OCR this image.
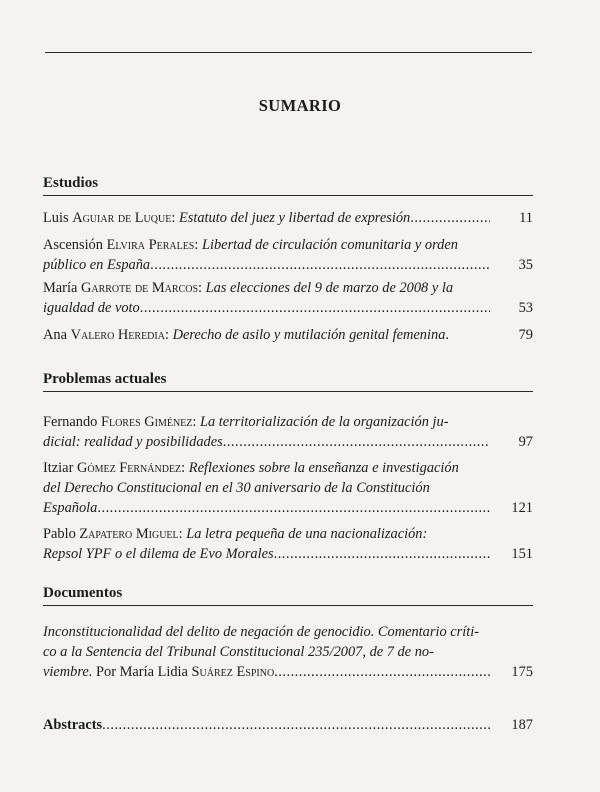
SUMARIO
Estudios
Luis Aguiar de Luque: Estatuto del juez y libertad de expresión .....	11
Ascensión Elvira Perales: Libertad de circulación comunitaria y orden
público en España .....	35
María Garrote de Marcos: Las elecciones del 9 de marzo de 2008 y la
igualdad de voto .....	53
Ana Valero Heredia: Derecho de asilo y mutilación genital femenina.	79
Problemas actuales
Fernando Flores Giménez: La territorialización de la organización ju-
dicial: realidad y posibilidades .....	97
Itziar Gómez Fernández: Reflexiones sobre la enseñanza e investigación
del Derecho Constitucional en el 30 aniversario de la Constitución
Española .....	121
Pablo Zapatero Miguel: La letra pequeña de una nacionalización:
Repsol YPF o el dilema de Evo Morales .....	151
Documentos
Inconstitucionalidad del delito de negación de genocidio. Comentario críti-
co a la Sentencia del Tribunal Constitucional 235/2007, de 7 de no-
viembre. Por María Lidia Suárez Espino .....	175
Abstracts .....	187
